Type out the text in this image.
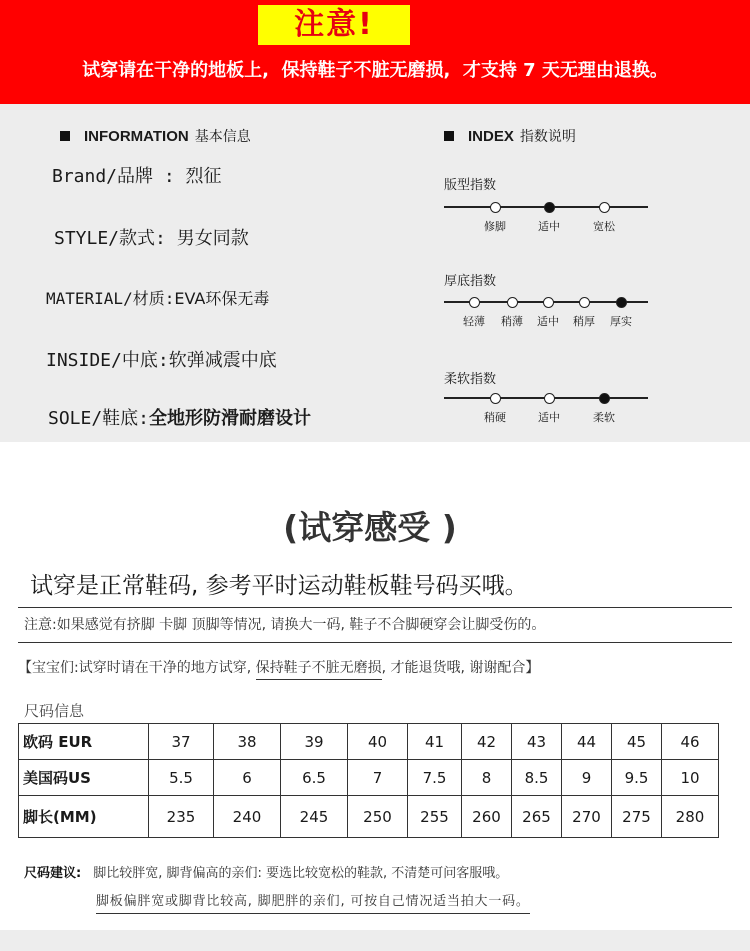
注意!
试穿请在干净的地板上,  保持鞋子不脏无磨损,  才支持 7 天无理由退换。
INFORMATION 基本信息
Brand/品牌 : 烈征
STYLE/款式: 男女同款
MATERIAL/材质:EVA环保无毒
INSIDE/中底:软弹减震中底
SOLE/鞋底:全地形防滑耐磨设计
INDEX 指数说明
版型指数
修脚	适中	宽松
厚底指数
轻薄 稍薄 适中 稍厚 厚实
柔软指数
稍硬	适中	柔软
(试穿感受 )
试穿是正常鞋码, 参考平时运动鞋板鞋号码买哦。
注意:如果感觉有挤脚 卡脚 顶脚等情况, 请换大一码, 鞋子不合脚硬穿会让脚受伤的。
【宝宝们:试穿时请在干净的地方试穿, 保持鞋子不脏无磨损, 才能退货哦, 谢谢配合】
尺码信息
欧码 EUR	37	38	39	40	41	42	43	44	45	46
美国码US	5.5	6	6.5	7	7.5	8	8.5	9	9.5	10
脚长(MM)	235	240	245	250	255	260	265	270	275	280
尺码建议: 脚比较胖宽, 脚背偏高的亲们: 要选比较宽松的鞋款, 不清楚可问客服哦。
脚板偏胖宽或脚背比较高, 脚肥胖的亲们, 可按自己情况适当拍大一码。
